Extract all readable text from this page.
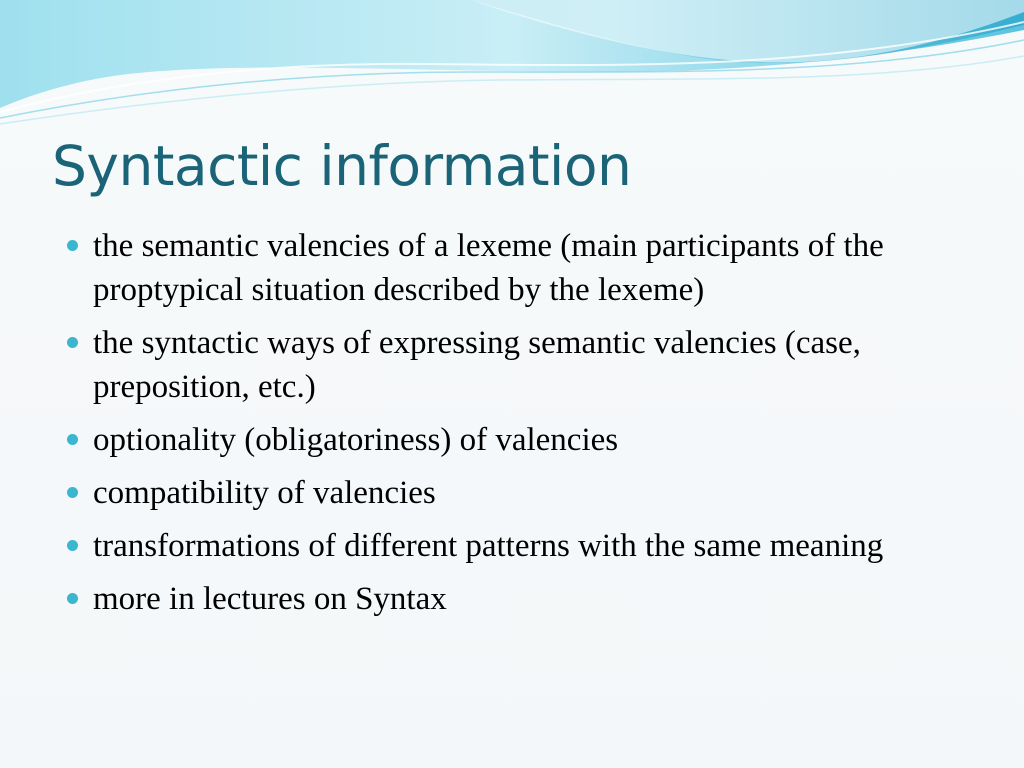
Syntactic information
the semantic valencies of a lexeme (main participants of the proptypical situation described by the lexeme)
the syntactic ways of expressing semantic valencies (case, preposition, etc.)
optionality (obligatoriness) of valencies
compatibility of valencies
transformations of different patterns with the same meaning
more in lectures on Syntax
